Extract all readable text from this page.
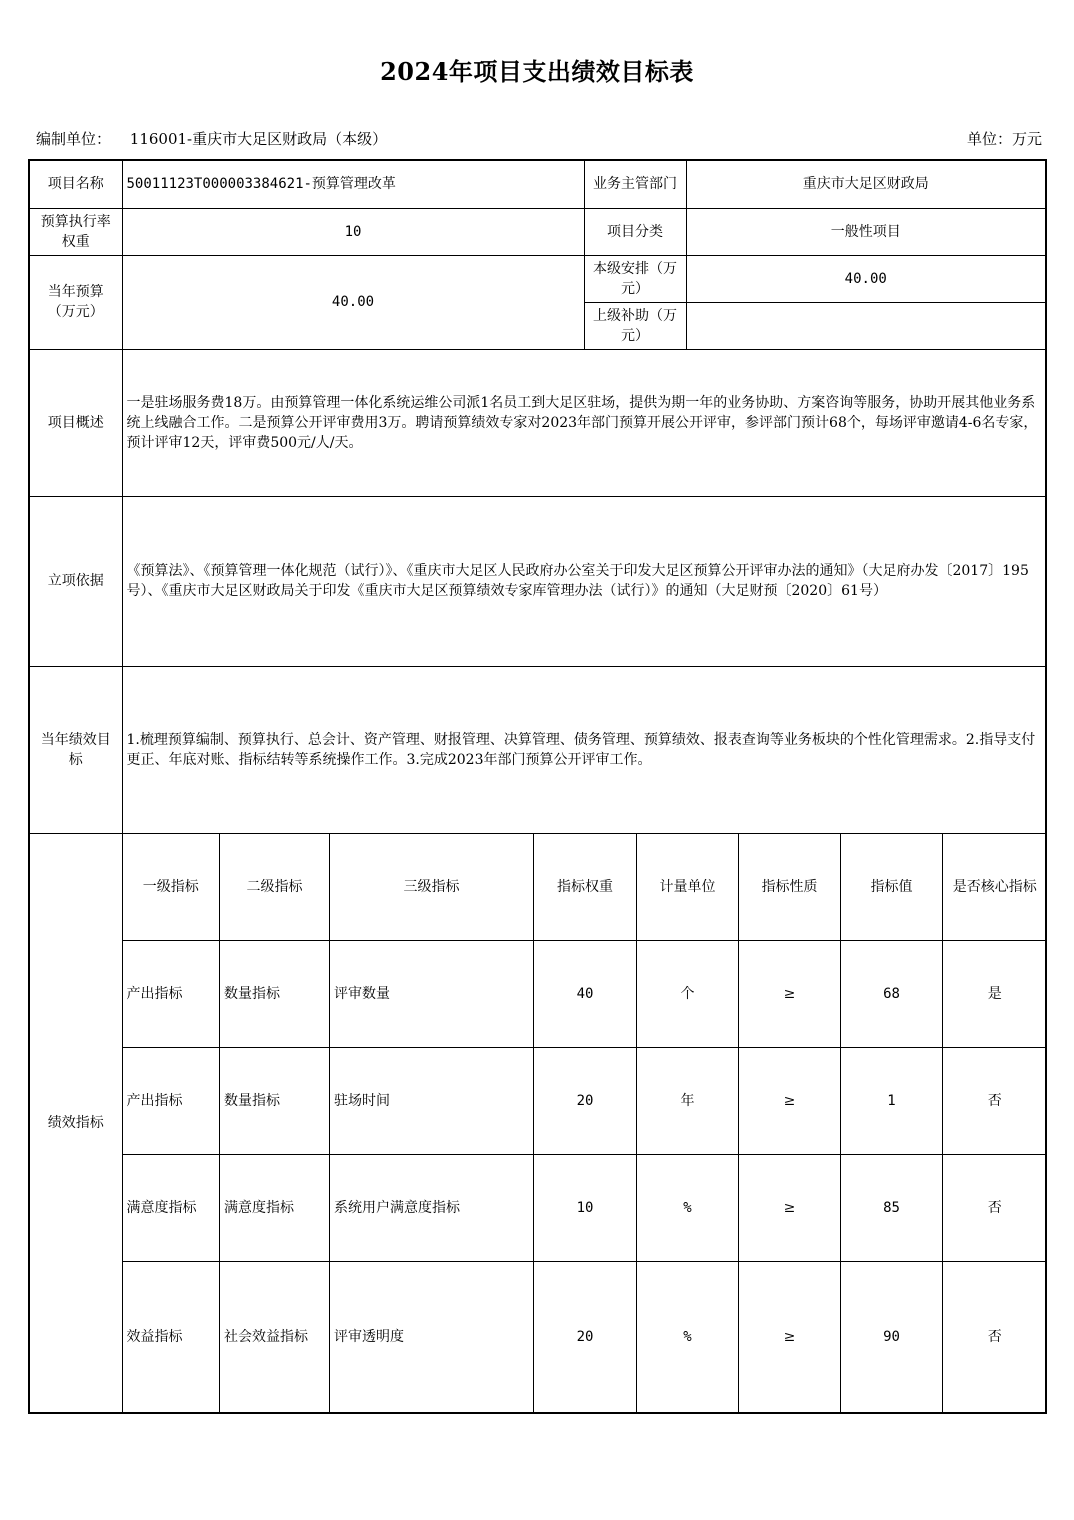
2024年项目支出绩效目标表
编制单位： 116001-重庆市大足区财政局（本级）	单位：万元
项目名称	50011123T000003384621-预算管理改革	业务主管部门	重庆市大足区财政局
预算执行率权重	10	项目分类	一般性项目
当年预算（万元）	40.00	本级安排（万元）	40.00
上级补助（万元）	
项目概述	一是驻场服务费18万。由预算管理一体化系统运维公司派1名员工到大足区驻场，提供为期一年的业务协助、方案咨询等服务，协助开展其他业务系统上线融合工作。二是预算公开评审费用3万。聘请预算绩效专家对2023年部门预算开展公开评审，参评部门预计68个，每场评审邀请4-6名专家，预计评审12天，评审费500元/人/天。
立项依据	《预算法》、《预算管理一体化规范（试行）》、《重庆市大足区人民政府办公室关于印发大足区预算公开评审办法的通知》（大足府办发〔2017〕195号）、《重庆市大足区财政局关于印发《重庆市大足区预算绩效专家库管理办法（试行）》的通知（大足财预〔2020〕61号）
当年绩效目标	1.梳理预算编制、预算执行、总会计、资产管理、财报管理、决算管理、债务管理、预算绩效、报表查询等业务板块的个性化管理需求。2.指导支付更正、年底对账、指标结转等系统操作工作。3.完成2023年部门预算公开评审工作。
绩效指标	
一级指标	二级指标	三级指标	指标权重	计量单位	指标性质	指标值	是否核心指标
产出指标	数量指标	评审数量	40	个	≥	68	是
产出指标	数量指标	驻场时间	20	年	≥	1	否
满意度指标	满意度指标	系统用户满意度指标	10	%	≥	85	否
效益指标	社会效益指标	评审透明度	20	%	≥	90	否
